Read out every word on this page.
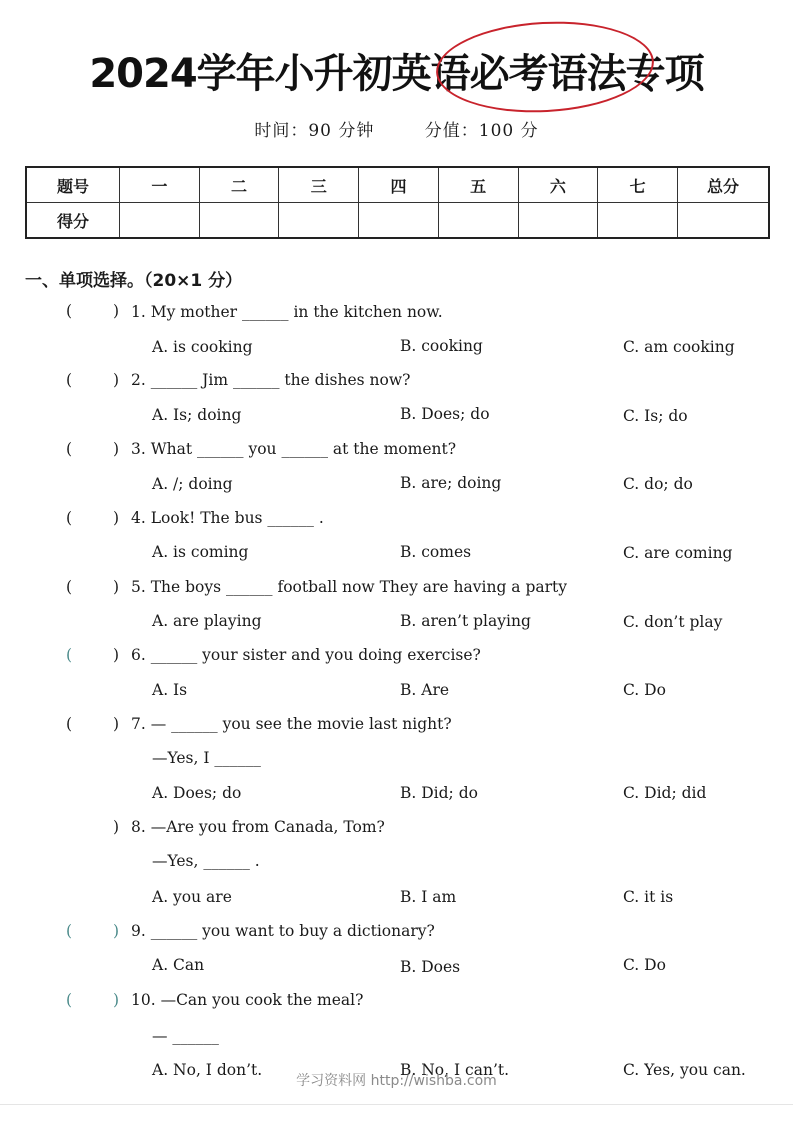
2024学年小升初英语必考语法专项
时间：90 分钟	分值：100 分
题号	一	二	三	四	五	六	七	总分
得分								
一、单项选择。（20×1 分）
(	) 1. My mother ______ in the kitchen now.
A. is cooking	B. cooking	C. am cooking
(	) 2. ______ Jim ______ the dishes now?
A. Is; doing	B. Does; do	C. Is; do
(	) 3. What ______ you ______ at the moment?
A. /; doing	B. are; doing	C. do; do
(	) 4. Look! The bus ______ .
A. is coming	B. comes	C. are coming
(	) 5. The boys ______ football now They are having a party
A. are playing	B. aren’t playing	C. don’t play
(	) 6. ______ your sister and you doing exercise?
A. Is	B. Are	C. Do
(	) 7. — ______ you see the movie last night?
—Yes, I ______
A. Does; do	B. Did; do	C. Did; did
) 8. —Are you from Canada, Tom?
—Yes, ______ .
A. you are	B. I am	C. it is
(	) 9. ______ you want to buy a dictionary?
A. Can	B. Does	C. Do
(	) 10. —Can you cook the meal?
— ______
A. No, I don’t.	B. No, I can’t.	C. Yes, you can.
学习资料网 http://wishba.com
